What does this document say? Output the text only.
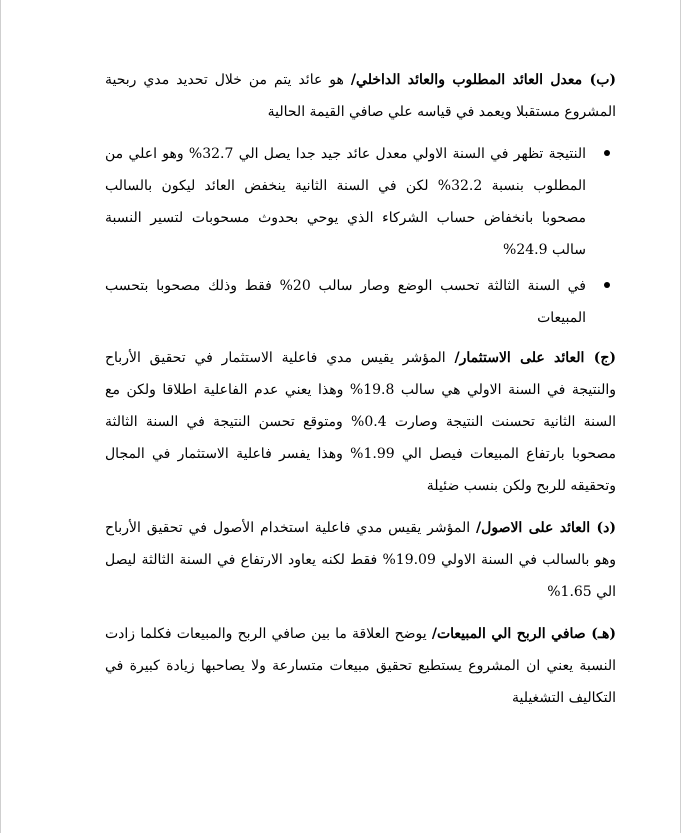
(ب) معدل العائد المطلوب والعائد الداخلي/ هو عائد يتم من خلال تحديد مدي ربحية المشروع مستقبلا ويعمد في قياسه علي صافي القيمة الحالية

النتيجة تظهر في السنة الاولي معدل عائد جيد جدا يصل الي 32.7% وهو اعلي من المطلوب بنسبة 32.2% لكن في السنة الثانية ينخفض العائد ليكون بالسالب مصحوبا بانخفاض حساب الشركاء الذي يوحي بحدوث مسحوبات لتسير النسبة سالب 24.9%

في السنة الثالثة تحسب الوضع وصار سالب 20% فقط وذلك مصحوبا بتحسب المبيعات

(ج) العائد على الاستثمار/ المؤشر يقيس مدي فاعلية الاستثمار في تحقيق الأرباح والنتيجة في السنة الاولي هي سالب 19.8% وهذا يعني عدم الفاعلية اطلاقا ولكن مع السنة الثانية تحسنت النتيجة وصارت 0.4% ومتوقع تحسن النتيجة في السنة الثالثة مصحوبا بارتفاع المبيعات فيصل الي 1.99% وهذا يفسر فاعلية الاستثمار في المجال وتحقيقه للربح ولكن بنسب ضئيلة

(د) العائد على الاصول/ المؤشر يقيس مدي فاعلية استخدام الأصول في تحقيق الأرباح وهو بالسالب في السنة الاولي 19.09% فقط لكنه يعاود الارتفاع في السنة الثالثة ليصل الي 1.65%

(هـ) صافي الربح الي المبيعات/ يوضح العلاقة ما بين صافي الربح والمبيعات فكلما زادت النسبة يعني ان المشروع يستطيع تحقيق مبيعات متسارعة ولا يصاحبها زيادة كبيرة في التكاليف التشغيلية
